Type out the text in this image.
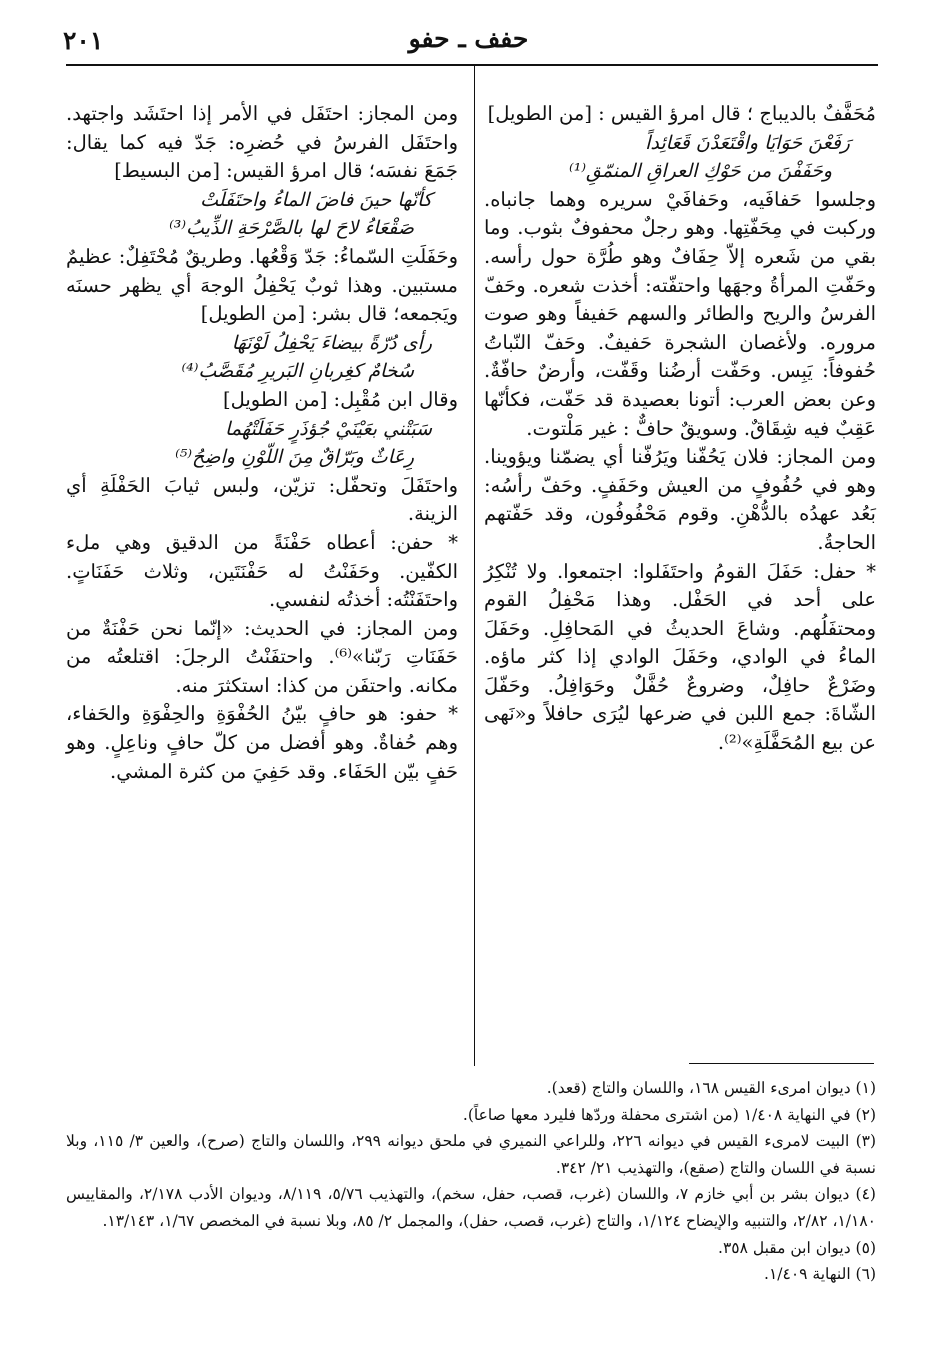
حفف ـ حفو
٢٠١

مُحَفَّفٌ بالديباج ؛ قال امرؤ القيس : [من الطويل]

رَفَعْنَ حَوَايَا واقْتَعَدْنَ قَعَائِداً

وحَفَفْنَ من حَوْكِ العراقِ المنمّقِ⁽¹⁾

وجلسوا حَفافَيه، وحَفافَيْ سريره وهما جانباه. وركبت في مِحَفّتِها. وهو رجلٌ محفوفٌ بثوب. وما بقي من شَعره إلاّ حِفَافٌ وهو طُرَّة حول رأسه. وحَفّتِ المرأةُ وجهَها واحتفّته: أخذت شعره. وحَفّ الفرسُ والريح والطائر والسهم حَفيفاً وهو صوت مروره. ولأغصان الشجرة حَفيفٌ. وحَفّ النّباتُ حُفوفاً: يَبِس. وحَفّت أرضُنا وقَفّت، وأرضٌ حافّةٌ. وعن بعض العرب: أتونا بعصيدة قد حَفّت، فكأنّها عَقِبٌ فيه شِقَاقٌ. وسويقٌ حافٌّ : غير مَلْتوت.

ومن المجاز: فلان يَحُفّنا ويَرُفّنا أي يضمّنا ويؤوينا. وهو في حُفُوفٍ من العيش وحَفَفٍ. وحَفّ رأسُه: بَعُد عهدُه بالدُّهْنِ. وقوم مَحْفُوفُون، وقد حَفّتهم الحاجةُ.

* حفل: حَفَلَ القومُ واحتَفَلوا: اجتمعوا. ولا تُنْكِرُ على أحد في الحَفْل. وهذا مَحْفِلُ القوم ومحتفَلُهم. وشاعَ الحديثُ في المَحافِلِ. وحَفَلَ الماءُ في الوادي، وحَفَلَ الوادي إذا كثر ماؤه. وضَرْعٌ حافِلٌ، وضروعٌ حُفَّلٌ وحَوَافِلُ. وحَفّلَ الشّاةَ: جمع اللبن في ضرعها ليُرَى حافلاً و«نَهى عن بيع المُحَفَّلَةِ»⁽²⁾.

ومن المجاز: احتَفَل في الأمر إذا احتَشَد واجتهد. واحتَفَل الفرسُ في حُضرِه: جَدّ فيه كما يقال: جَمَعَ نفسَه؛ قال امرؤ القيس: [من البسيط]

كأنّها حينَ فاضَ الماءُ واحتَفَلَتْ

صَقْعَاءُ لاحَ لها بالصَّرْحَةِ الذِّيبُ⁽³⁾

وحَفَلَتِ السّماءُ: جَدّ وَقْعُها. وطريقٌ مُحْتَفِلٌ: عظيمٌ مستبين. وهذا ثوبٌ يَحْفِلُ الوجهَ أي يظهر حسنَه ويَجمعه؛ قال بشر: [من الطويل]

رأى دُرّةً بيضاءَ يَحْفِلُ لَوْنَهَا

سُخامٌ كغِربانِ البَريرِ مُقَصَّبُ⁽⁴⁾

وقال ابن مُقْبِل: [من الطويل]

سَبَتْني بعَيْنَيْ جُؤذَرٍ حَفَلَتْهُما

رِعَاثٌ وبَرّاقٌ مِنَ اللّوْنِ واضِحُ⁽⁵⁾

واحتَفَلَ وتحفّل: تزيّن، ولبس ثيابَ الحَفْلَةِ أي الزينة.

* حفن: أعطاه حَفْنَةً من الدقيق وهي ملء الكفّين. وحَفَنْتُ له حَفْنَتَين، وثلاث حَفَنَاتٍ. واحتَفَنْتُه: أخذتُه لنفسي.

ومن المجاز: في الحديث: «إنّما نحن حَفْنَةٌ من حَفَنَاتِ رَبّنا»⁽⁶⁾. واحتفَنْتُ الرجلَ: اقتلعتُه من مكانه. واحتفَن من كذا: استكثرَ منه.

* حفو: هو حافٍ بيّنُ الحُفْوَةِ والحِفْوَةِ والحَفاء، وهم حُفاةٌ. وهو أفضل من كلّ حافٍ وناعِلٍ. وهو حَفٍ بيّن الحَفَاء. وقد حَفِيَ من كثرة المشي.

(١) ديوان امرىء القيس ١٦٨، واللسان والتاج (قعد).

(٢) في النهاية ١/٤٠٨ (من اشترى محفلة وردّها فليرد معها صاعاً).

(٣) البيت لامرىء القيس في ديوانه ٢٢٦، وللراعي النميري في ملحق ديوانه ٢٩٩، واللسان والتاج (صرح)، والعين ٣/ ١١٥، وبلا نسبة في اللسان والتاج (صقع)، والتهذيب ٢١/ ٣٤٢.

(٤) ديوان بشر بن أبي خازم ٧، واللسان (غرب، قصب، حفل، سخم)، والتهذيب ٥/٧٦، ٨/١١٩، وديوان الأدب ٢/١٧٨، والمقاييس ١/١٨٠، ٢/٨٢، والتنبيه والإيضاح ١/١٢٤، والتاج (غرب، قصب، حفل)، والمجمل ٢/ ٨٥، وبلا نسبة في المخصص ١/٦٧، ١٣/١٤٣.

(٥) ديوان ابن مقبل ٣٥٨.

(٦) النهاية ١/٤٠٩.
